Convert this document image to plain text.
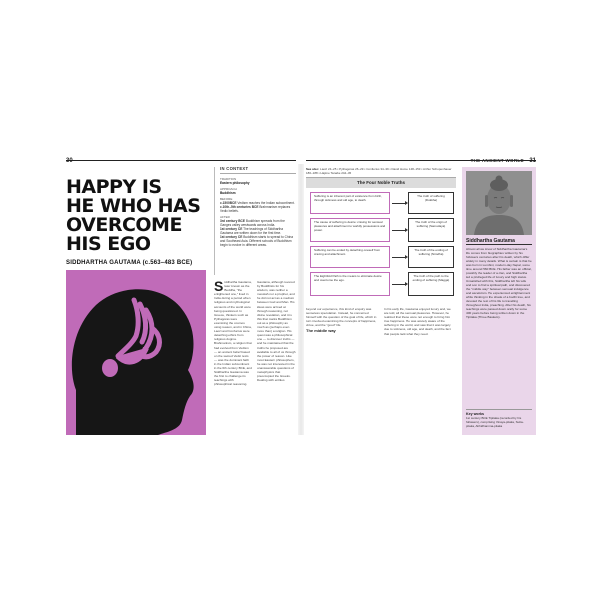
30
HAPPY IS
HE WHO HAS
OVERCOME
HIS EGO
SIDDHARTHA GAUTAMA (c.563–483 BCE)
IN CONTEXT
TRADITION
Eastern philosophy
APPROACH
Buddhism
BEFORE
c.1500BCE Vedism reaches the Indian subcontinent.
c.10th–5th centuries BCE Brahmanism replaces Vedic beliefs.
AFTER
3rd century BCE Buddhism spreads from the Ganges valley westwards across India.
1st century CE The teachings of Siddhartha Gautama are written down for the first time.
1st century CE Buddhism starts to spread to China and Southeast Asia. Different schools of Buddhism begin to evolve in different areas.
Siddhartha Gautama, later known as the Buddha, "the enlightened one," lived in India during a period when religious and mythological accounts of the world were being questioned. In Greece, thinkers such as Pythagoras were examining the cosmos using reason, and in China, Laozi and Confucius were detaching ethics from religious dogma. Brahmanism, a religion that had evolved from Vedism — an ancient belief based on the sacred Vedic texts — was the dominant faith in the Indian subcontinent in the 6th century BCE, and Siddhartha Gautama was the first to challenge its teachings with philosophical reasoning.
Gautama, although revered by Buddhists for his wisdom, was neither a messiah nor a prophet, and he did not act as a medium between God and Man. His ideas were arrived at through reasoning, not divine revelation, and it is this that marks Buddhism out as a philosophy as much as (perhaps even more than) a religion. His quest was a philosophical one — to discover truths — and he maintained that the truths he proposed are available to all of us through the power of reason. Like most Eastern philosophers, he was not interested in the unanswerable questions of metaphysics that preoccupied the Greeks. Dealing with entities
THE ANCIENT WORLD 31
See also: Laozi 24–25 ▪ Pythagoras 26–29 ▪ Confucius 34–39 ▪ David Hume 148–153 ▪ Arthur Schopenhauer 186–188 ▪ Hajime Tanabe 244–45
The Four Noble Truths
Suffering is an inherent part of existence from birth, through sickness and old age, to death.
The truth of suffering (Dukkha)
The cause of suffering is desire: craving for sensual pleasures and attachment to worldly possessions and power.
The truth of the origin of suffering (Samudaya)
Suffering can be ended by detaching oneself from craving and attachment.
The truth of the ending of suffering (Nirodha)
The Eightfold Path is the means to eliminate desire and overcome the ego.
The truth of the path to the ending of suffering (Magga)
beyond our experience, this kind of enquiry was senseless speculation. Instead, he concerned himself with the question of the goal of life, which in turn involved examining the concepts of happiness, virtue, and the "good" life.
The middle way
In his early life, Gautama enjoyed luxury and, we are told, all the sensual pleasures. However, he realized that these were not enough to bring him true happiness. He was acutely aware of the suffering in the world, and saw that it was largely due to sickness, old age, and death, and the fact that people lack what they need.
Siddhartha Gautama
Almost all we know of Siddhartha Gautama's life comes from biographies written by his followers centuries after his death, which differ widely in many details. What is certain is that he was born in Lumbini, modern-day Nepal, some time around 560 BCE. His father was an official, possibly the leader of a clan, and Siddhartha led a privileged life of luxury and high status. Unsatisfied with this, Siddhartha left his wife and son to find a spiritual path, and discovered the "middle way" between sensual indulgence and asceticism. He experienced enlightenment while thinking in the shade of a bodhi tree, and devoted the rest of his life to travelling throughout India, preaching. After his death, his teachings were passed down orally for some 400 years before being written down in the Tipitaka (Three Baskets).
Key works
1st century BCE Tipitaka (recorded by his followers), comprising Vinaya-pitaka, Sutta-pitaka, Abhidhamma-pitaka
